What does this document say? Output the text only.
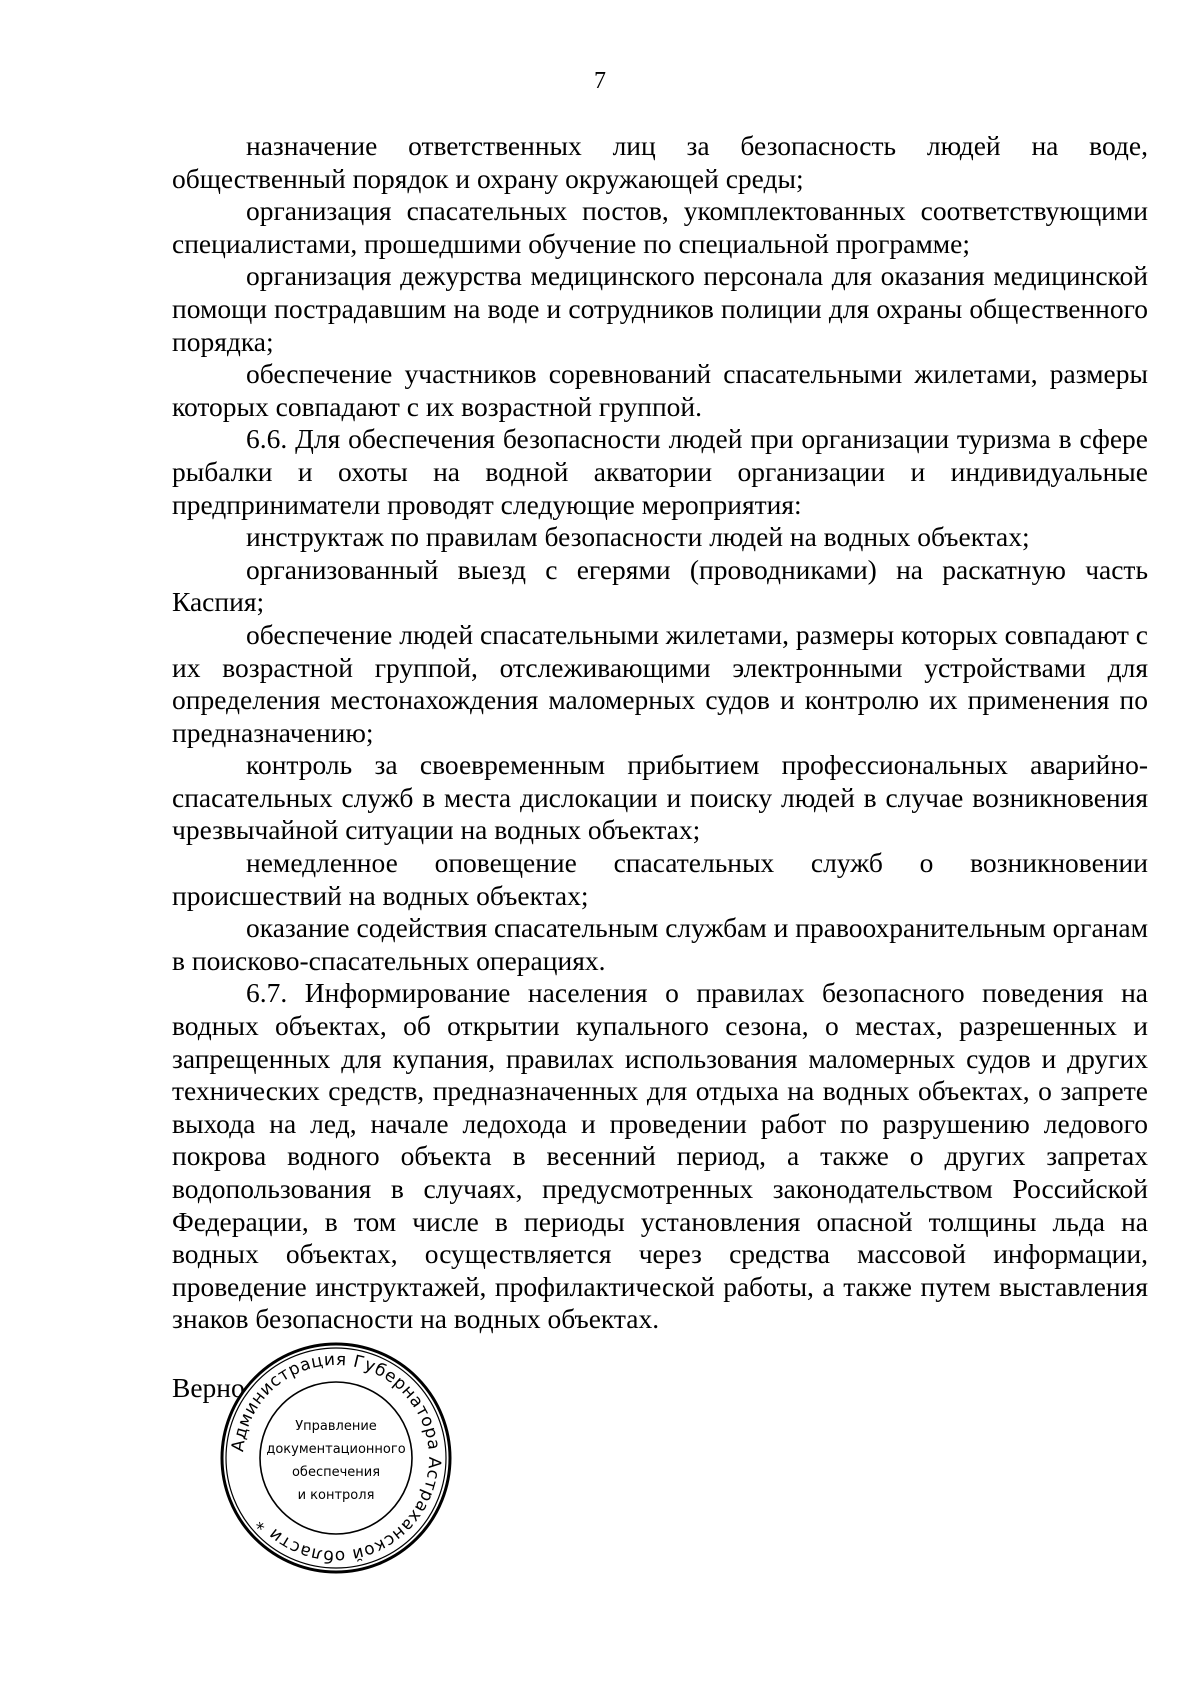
7

назначение ответственных лиц за безопасность людей на воде, общественный порядок и охрану окружающей среды;

организация спасательных постов, укомплектованных соответствующими специалистами, прошедшими обучение по специальной программе;

организация дежурства медицинского персонала для оказания медицинской помощи пострадавшим на воде и сотрудников полиции для охраны общественного порядка;

обеспечение участников соревнований спасательными жилетами, размеры которых совпадают с их возрастной группой.

6.6. Для обеспечения безопасности людей при организации туризма в сфере рыбалки и охоты на водной акватории организации и индивидуальные предприниматели проводят следующие мероприятия:

инструктаж по правилам безопасности людей на водных объектах;

организованный выезд с егерями (проводниками) на раскатную часть Каспия;

обеспечение людей спасательными жилетами, размеры которых совпадают с их возрастной группой, отслеживающими электронными устройствами для определения местонахождения маломерных судов и контролю их применения по предназначению;

контроль за своевременным прибытием профессиональных аварийно-спасательных служб в места дислокации и поиску людей в случае возникновения чрезвычайной ситуации на водных объектах;

немедленное оповещение спасательных служб о возникновении происшествий на водных объектах;

оказание содействия спасательным службам и правоохранительным органам в поисково-спасательных операциях.

6.7. Информирование населения о правилах безопасного поведения на водных объектах, об открытии купального сезона, о местах, разрешенных и запрещенных для купания, правилах использования маломерных судов и других технических средств, предназначенных для отдыха на водных объектах, о запрете выхода на лед, начале ледохода и проведении работ по разрушению ледового покрова водного объекта в весенний период, а также о других запретах водопользования в случаях, предусмотренных законодательством Российской Федерации, в том числе в периоды установления опасной толщины льда на водных объектах, осуществляется через средства массовой информации, проведение инструктажей, профилактической работы, а также путем выставления знаков безопасности на водных объектах.

Верно
Администрация Губернатора Астраханской области *
Управление
документационного
обеспечения
и контроля
